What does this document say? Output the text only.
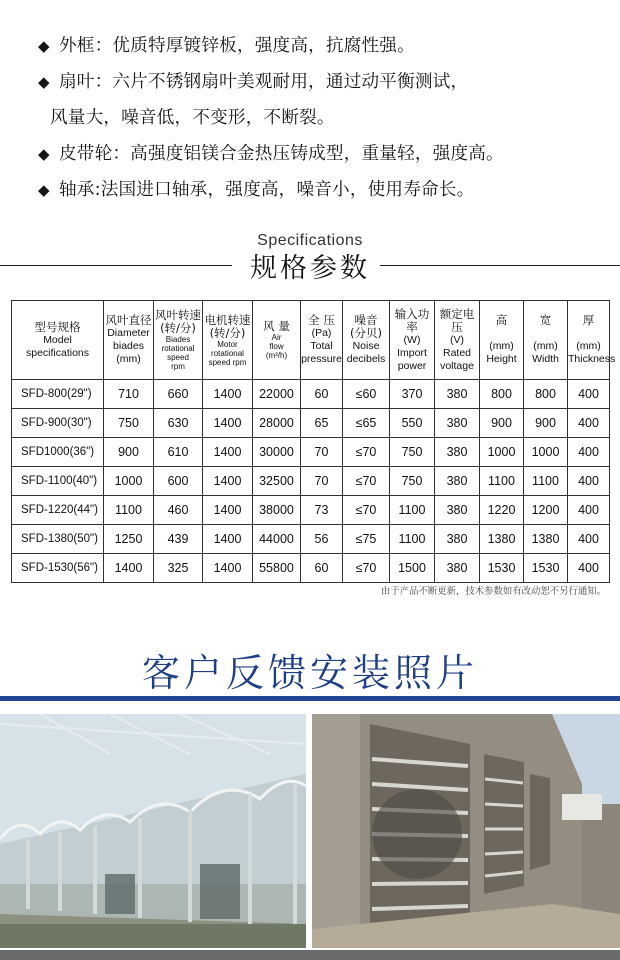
◆ 外框：优质特厚镀锌板，强度高，抗腐性强。
◆ 扇叶：六片不锈钢扇叶美观耐用，通过动平衡测试，
风量大，噪音低，不变形，不断裂。
◆ 皮带轮：高强度铝镁合金热压铸成型，重量轻，强度高。
◆ 轴承:法国进口轴承，强度高，噪音小，使用寿命长。
Specifications
规格参数
型号规格
Model
specifications	风叶直径
Diameter
biades
(mm)	风叶转速
(转/分)
Biades
rotational speed
rpm	电机转速
(转/分)
Motor rotational
speed rpm	风 量
Air
flow
(m³/h)	全 压
(Pa)
Total
pressure	噪音
(分贝)
Noise
decibels	输入功率
(W)
Import
power	额定电压
(V)
Rated
voltage	高

(mm)
Height	宽

(mm)
Width	厚

(mm)
Thickness

SFD-800(29")	710	660	1400	22000	60	≤60	370	380	800	800	400
SFD-900(30")	750	630	1400	28000	65	≤65	550	380	900	900	400
SFD1000(36")	900	610	1400	30000	70	≤70	750	380	1000	1000	400
SFD-1100(40")	1000	600	1400	32500	70	≤70	750	380	1100	1100	400
SFD-1220(44")	1100	460	1400	38000	73	≤70	1100	380	1220	1200	400
SFD-1380(50")	1250	439	1400	44000	56	≤75	1100	380	1380	1380	400
SFD-1530(56")	1400	325	1400	55800	60	≤70	1500	380	1530	1530	400
由于产品不断更新，技术参数如有改动恕不另行通知。
客户反馈安装照片
